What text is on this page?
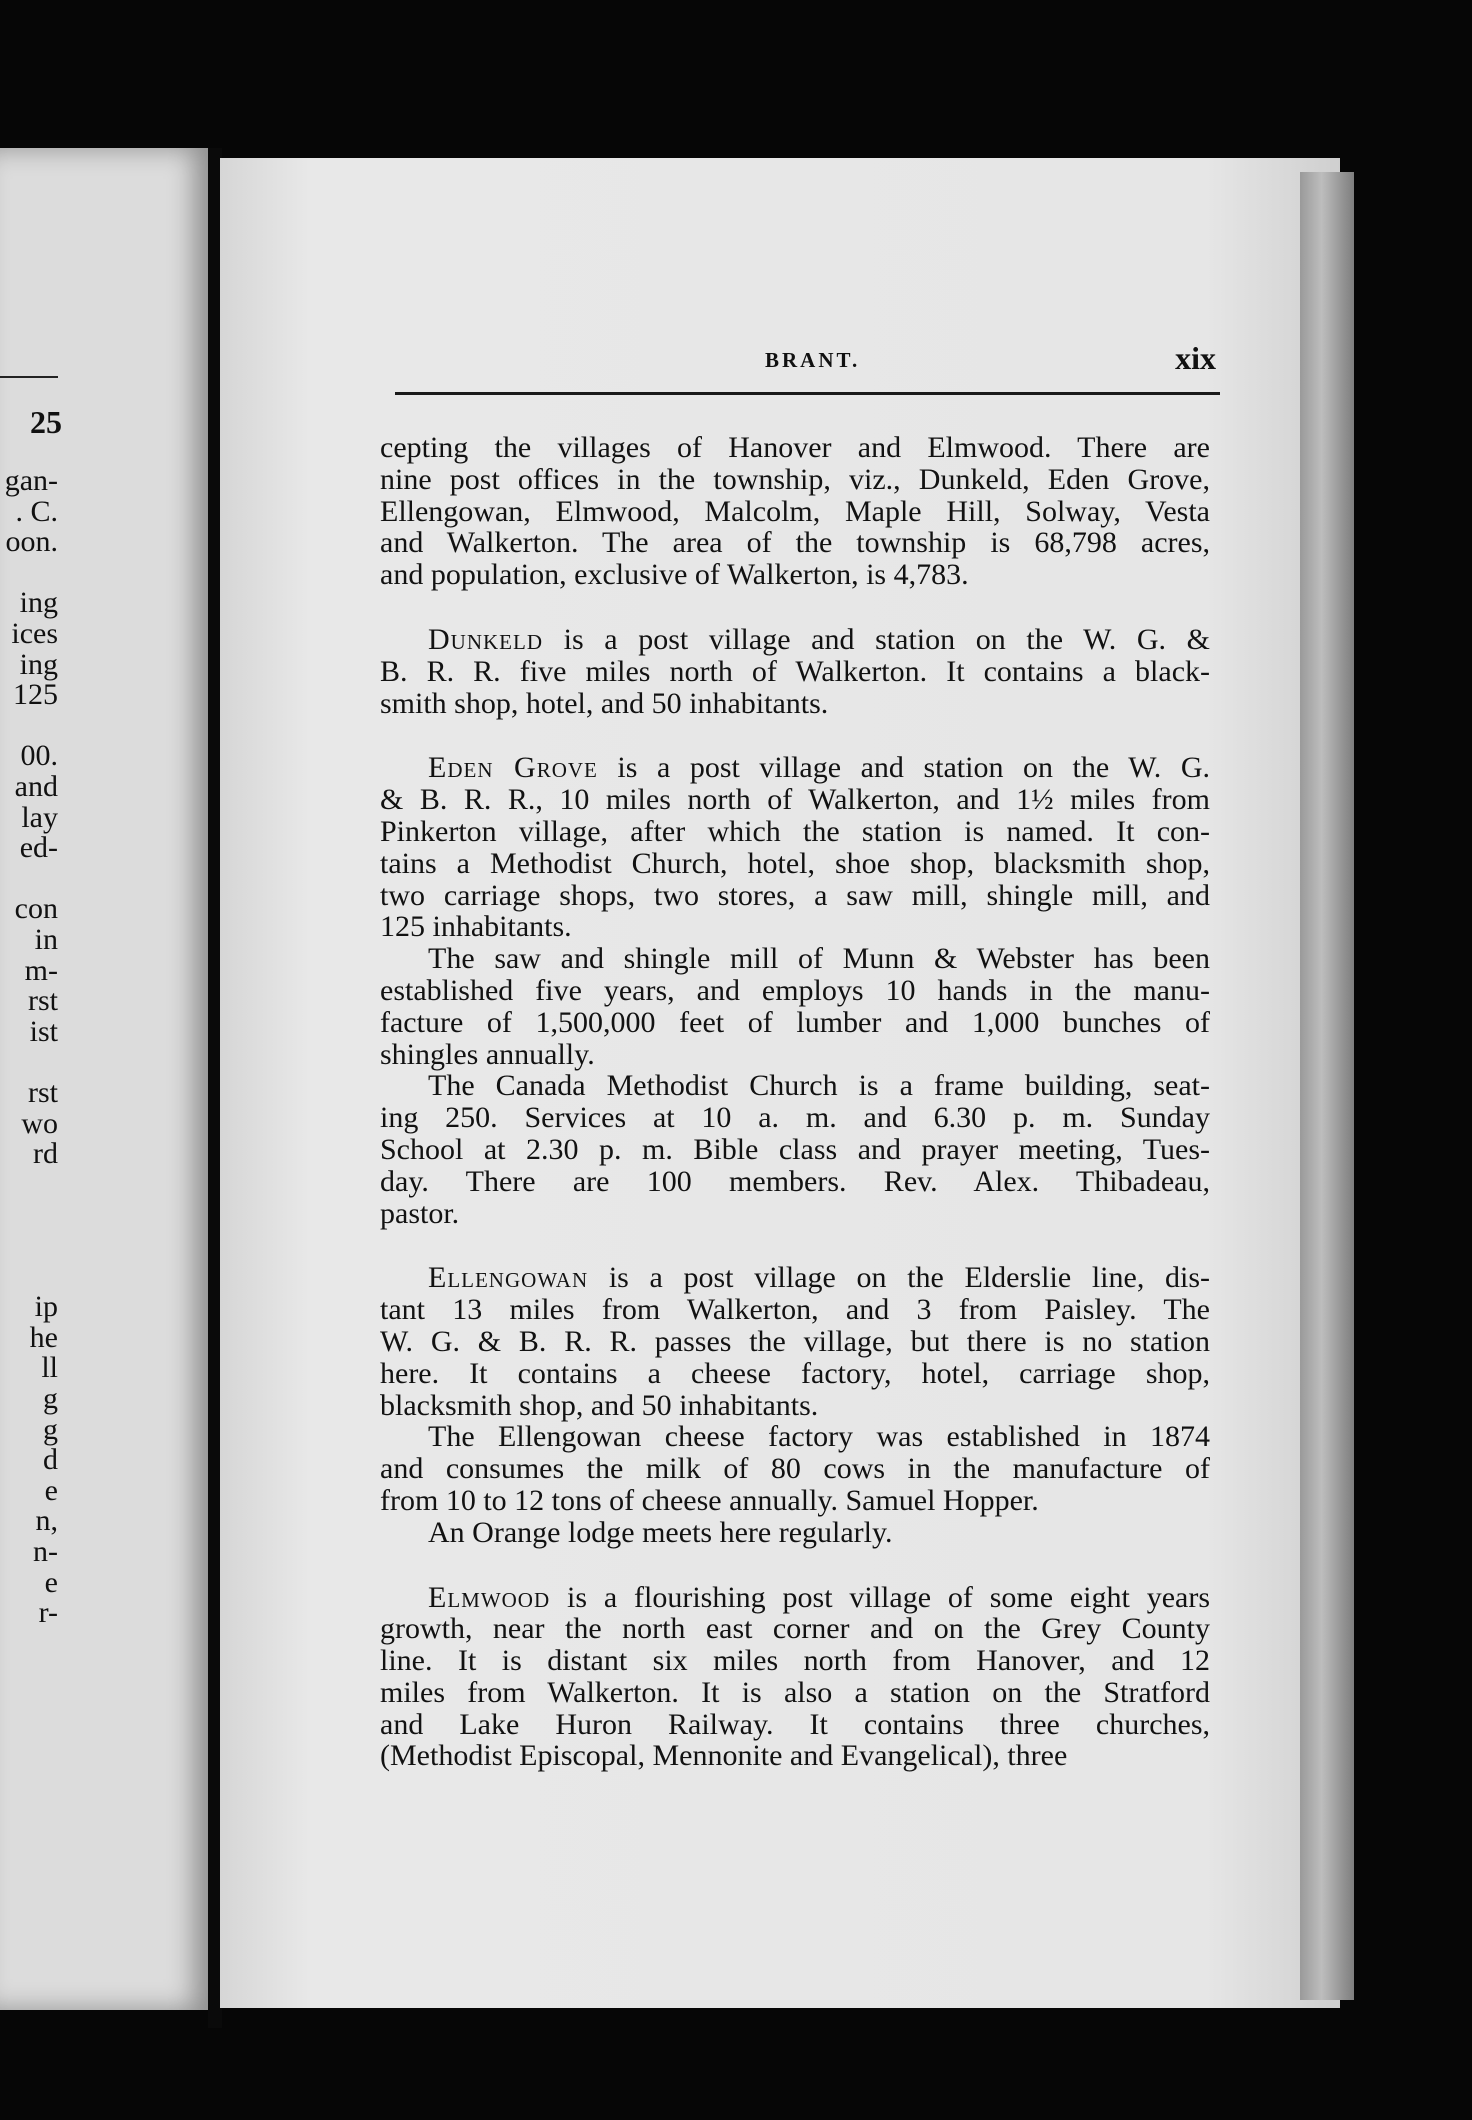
25
gan-
. C.
oon.
ing
ices
ing
125
00.
and
lay
ed-
con
in
m-
rst
ist
rst
wo
rd
ip
he
ll
g
g
d
e
n,
n-
e
r-
BRANT.	xix
cepting the villages of Hanover and Elmwood. There are
nine post offices in the township, viz., Dunkeld, Eden Grove,
Ellengowan, Elmwood, Malcolm, Maple Hill, Solway, Vesta
and Walkerton. The area of the township is 68,798 acres,
and population, exclusive of Walkerton, is 4,783.
Dunkeld is a post village and station on the W. G. &
B. R. R. five miles north of Walkerton. It contains a black-
smith shop, hotel, and 50 inhabitants.
Eden Grove is a post village and station on the W. G.
& B. R. R., 10 miles north of Walkerton, and 1½ miles from
Pinkerton village, after which the station is named. It con-
tains a Methodist Church, hotel, shoe shop, blacksmith shop,
two carriage shops, two stores, a saw mill, shingle mill, and
125 inhabitants.
The saw and shingle mill of Munn & Webster has been
established five years, and employs 10 hands in the manu-
facture of 1,500,000 feet of lumber and 1,000 bunches of
shingles annually.
The Canada Methodist Church is a frame building, seat-
ing 250. Services at 10 a. m. and 6.30 p. m. Sunday
School at 2.30 p. m. Bible class and prayer meeting, Tues-
day. There are 100 members. Rev. Alex. Thibadeau,
pastor.
Ellengowan is a post village on the Elderslie line, dis-
tant 13 miles from Walkerton, and 3 from Paisley. The
W. G. & B. R. R. passes the village, but there is no station
here. It contains a cheese factory, hotel, carriage shop,
blacksmith shop, and 50 inhabitants.
The Ellengowan cheese factory was established in 1874
and consumes the milk of 80 cows in the manufacture of
from 10 to 12 tons of cheese annually. Samuel Hopper.
An Orange lodge meets here regularly.
Elmwood is a flourishing post village of some eight years
growth, near the north east corner and on the Grey County
line. It is distant six miles north from Hanover, and 12
miles from Walkerton. It is also a station on the Stratford
and Lake Huron Railway. It contains three churches,
(Methodist Episcopal, Mennonite and Evangelical), three
